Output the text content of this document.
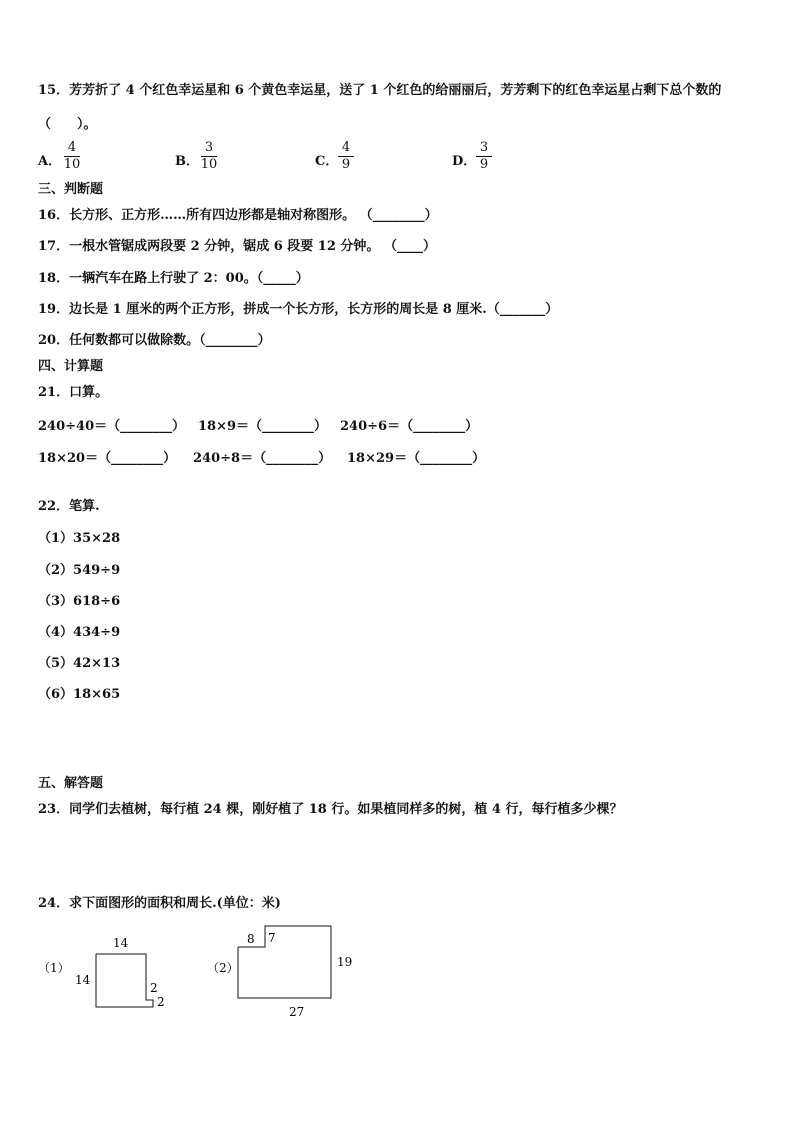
15．芳芳折了 4 个红色幸运星和 6 个黄色幸运星，送了 1 个红色的给丽丽后，芳芳剩下的红色幸运星占剩下总个数的
（　　）。
A．
4
10	B．
3
10	C．
4
9	D．
3
9
三、判断题
16．长方形、正方形……所有四边形都是轴对称图形。 （________）
17．一根水管锯成两段要 2 分钟，锯成 6 段要 12 分钟。 （____）
18．一辆汽车在路上行驶了 2：00。（_____）
19．边长是 1 厘米的两个正方形，拼成一个长方形，长方形的周长是 8 厘米.（_______）
20．任何数都可以做除数。（________）
四、计算题
21．口算。
240÷40＝（________） 18×9＝（________） 240÷6＝（________）
18×20＝（________） 240÷8＝（________） 18×29＝（________）
22．笔算.
（1）35×28
（2）549÷9
（3）618÷6
（4）434÷9
（5）42×13
（6）18×65
五、解答题
23．同学们去植树，每行植 24 棵，刚好植了 18 行。如果植同样多的树，植 4 行，每行植多少棵？
24．求下面图形的面积和周长.(单位：米)
（1）
14
14
2
2
（2）
8 7
19
27
